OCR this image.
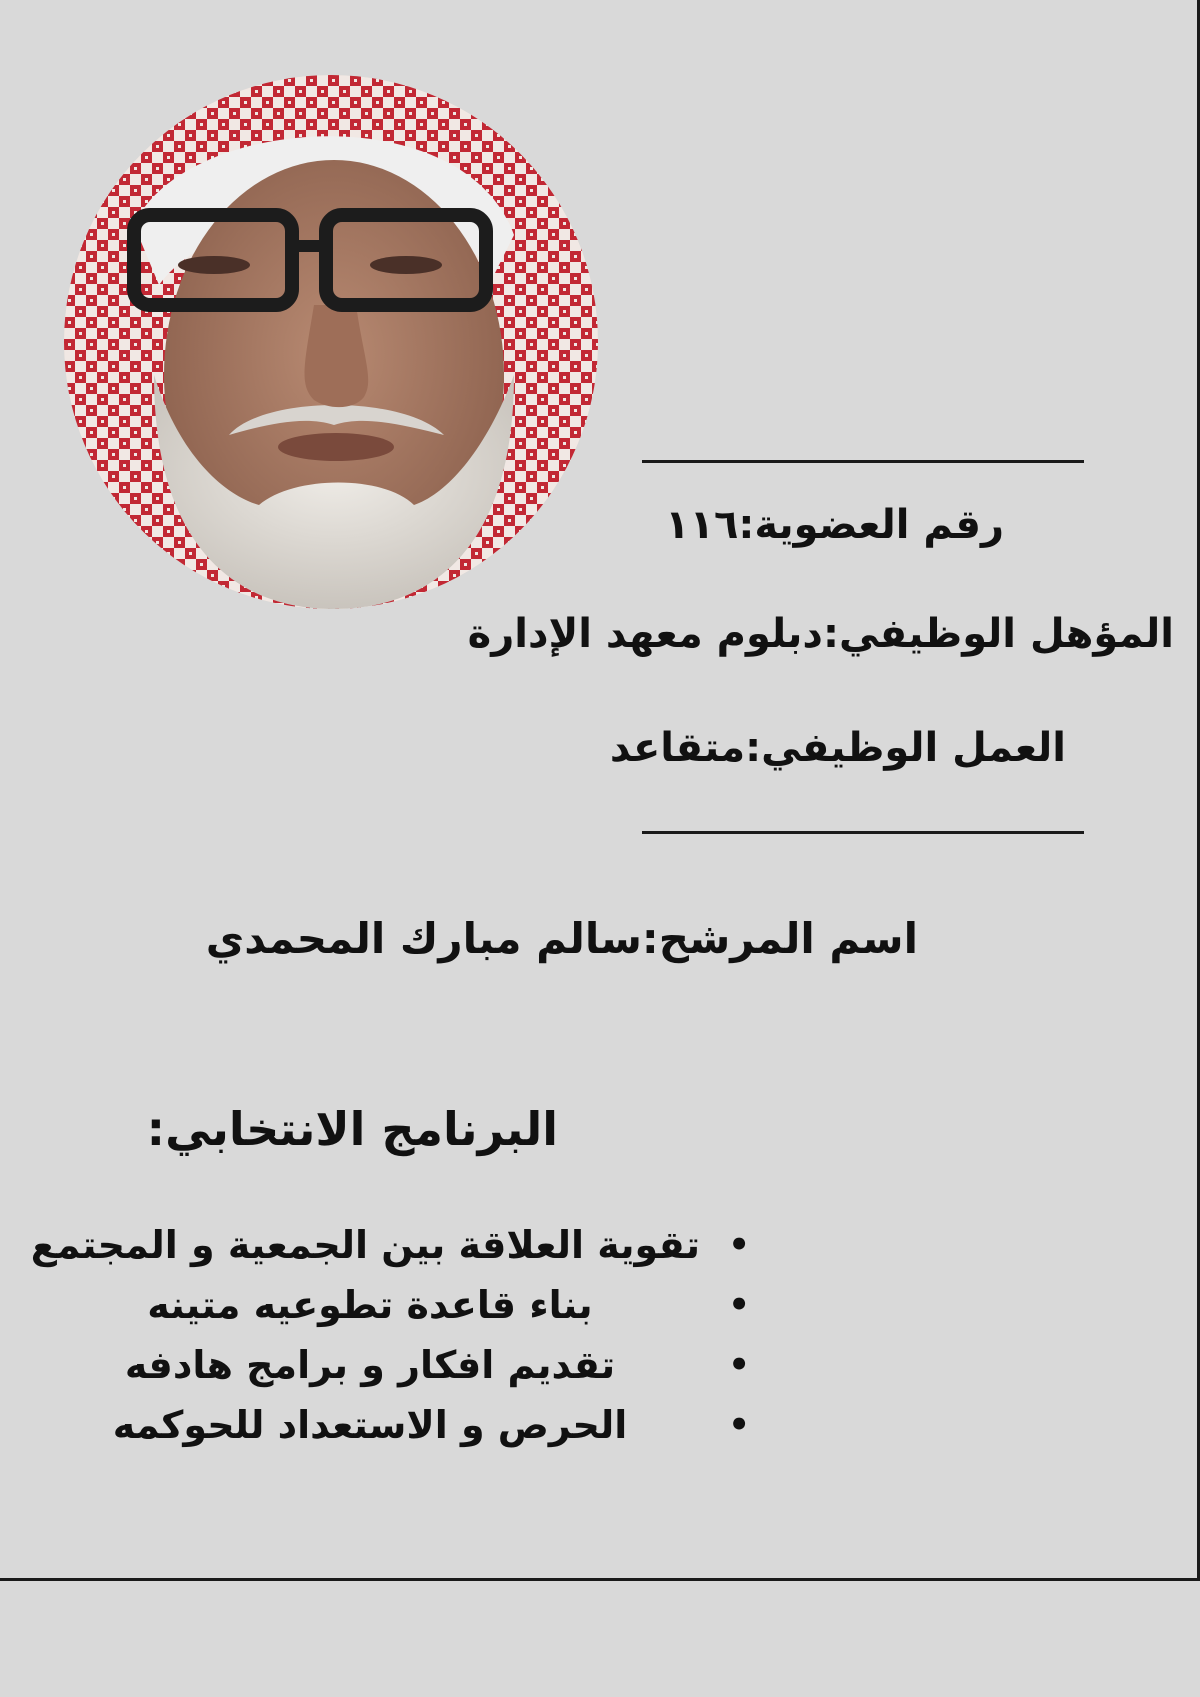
رقم العضوية:١١٦
المؤهل الوظيفي:دبلوم معهد الإدارة
العمل الوظيفي:متقاعد
اسم المرشح:سالم مبارك المحمدي
البرنامج الانتخابي:
•
تقوية العلاقة بين الجمعية و المجتمع
•
بناء قاعدة تطوعيه متينه
•
تقديم افكار و برامج هادفه
•
الحرص و الاستعداد للحوكمه
